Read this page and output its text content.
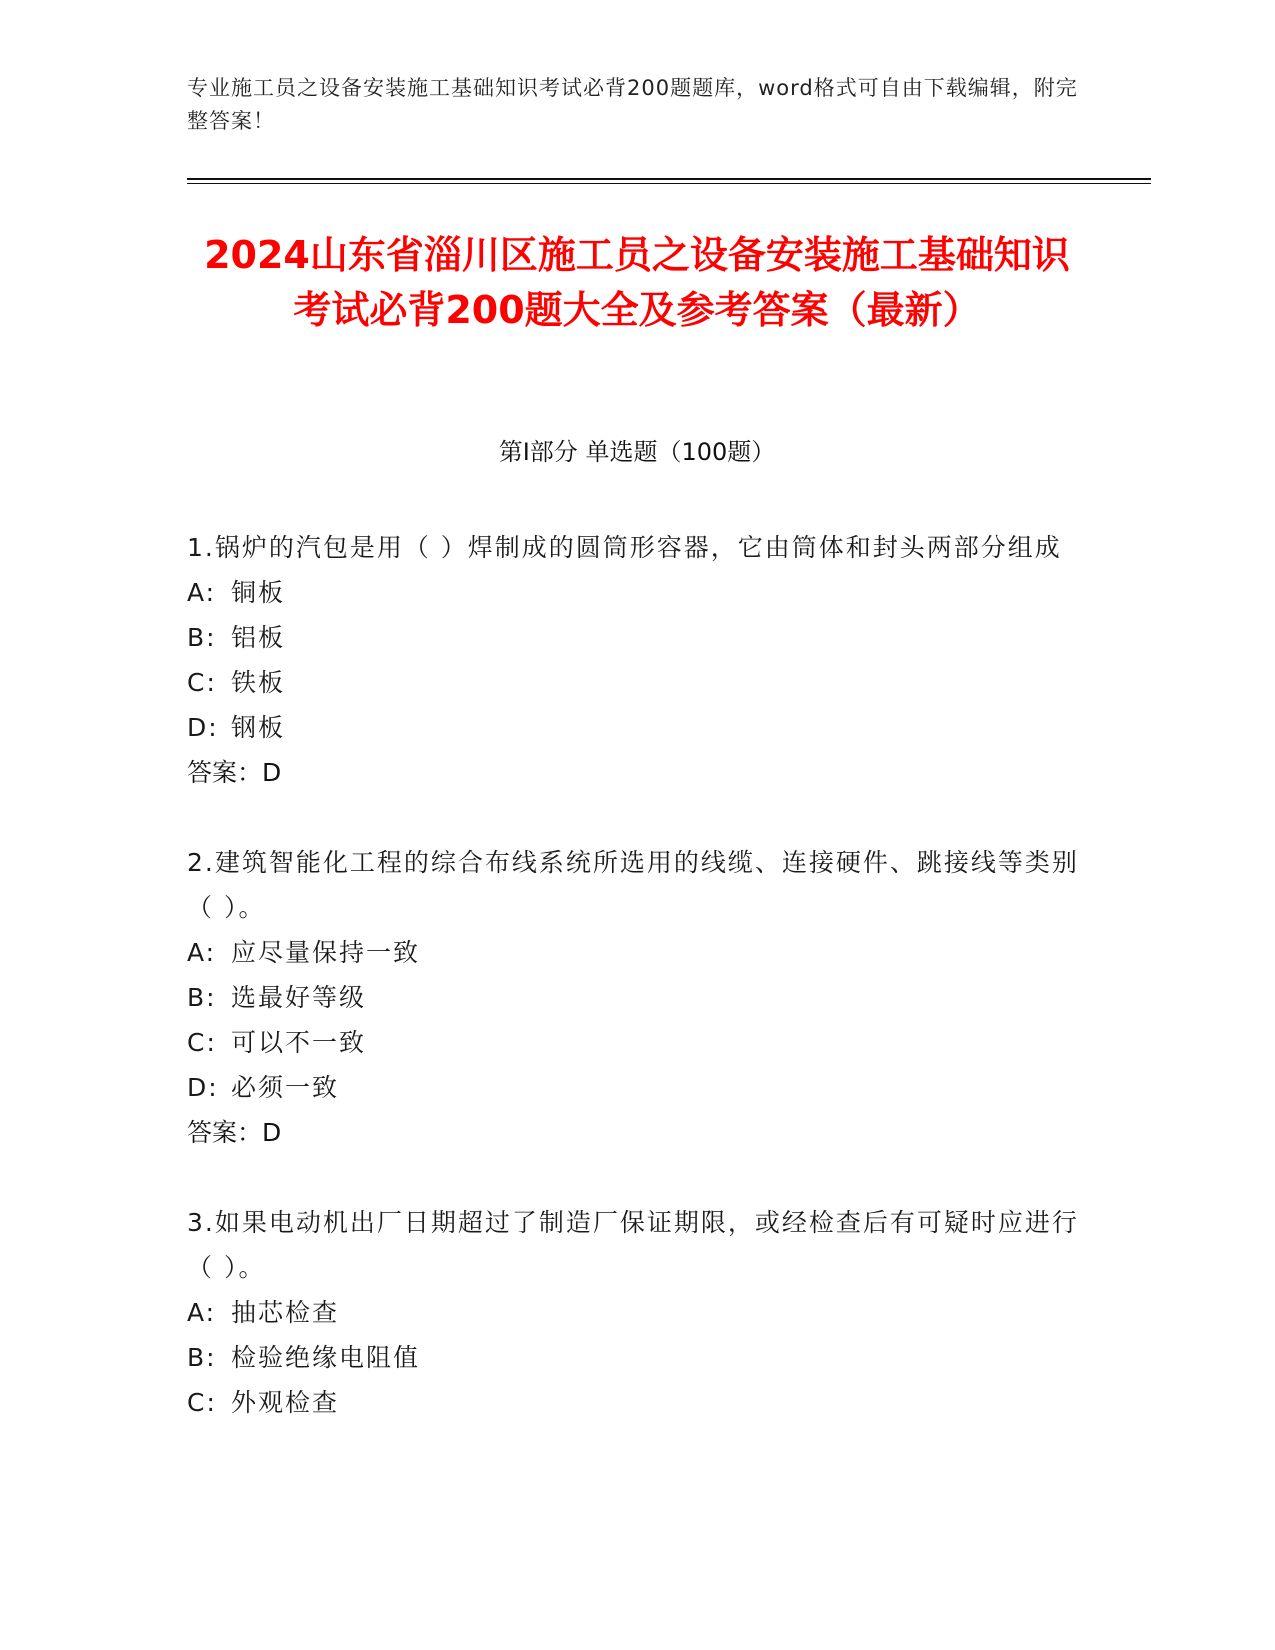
专业施工员之设备安装施工基础知识考试必背200题题库，word格式可自由下载编辑，附完整答案！
2024山东省淄川区施工员之设备安装施工基础知识考试必背200题大全及参考答案（最新）
第I部分 单选题（100题）
1.锅炉的汽包是用（ ）焊制成的圆筒形容器，它由筒体和封头两部分组成
A: 铜板
B: 铝板
C: 铁板
D: 钢板
答案：D
2.建筑智能化工程的综合布线系统所选用的线缆、连接硬件、跳接线等类别（ ）。
A: 应尽量保持一致
B: 选最好等级
C: 可以不一致
D: 必须一致
答案：D
3.如果电动机出厂日期超过了制造厂保证期限，或经检查后有可疑时应进行（ ）。
A: 抽芯检查
B: 检验绝缘电阻值
C: 外观检查
